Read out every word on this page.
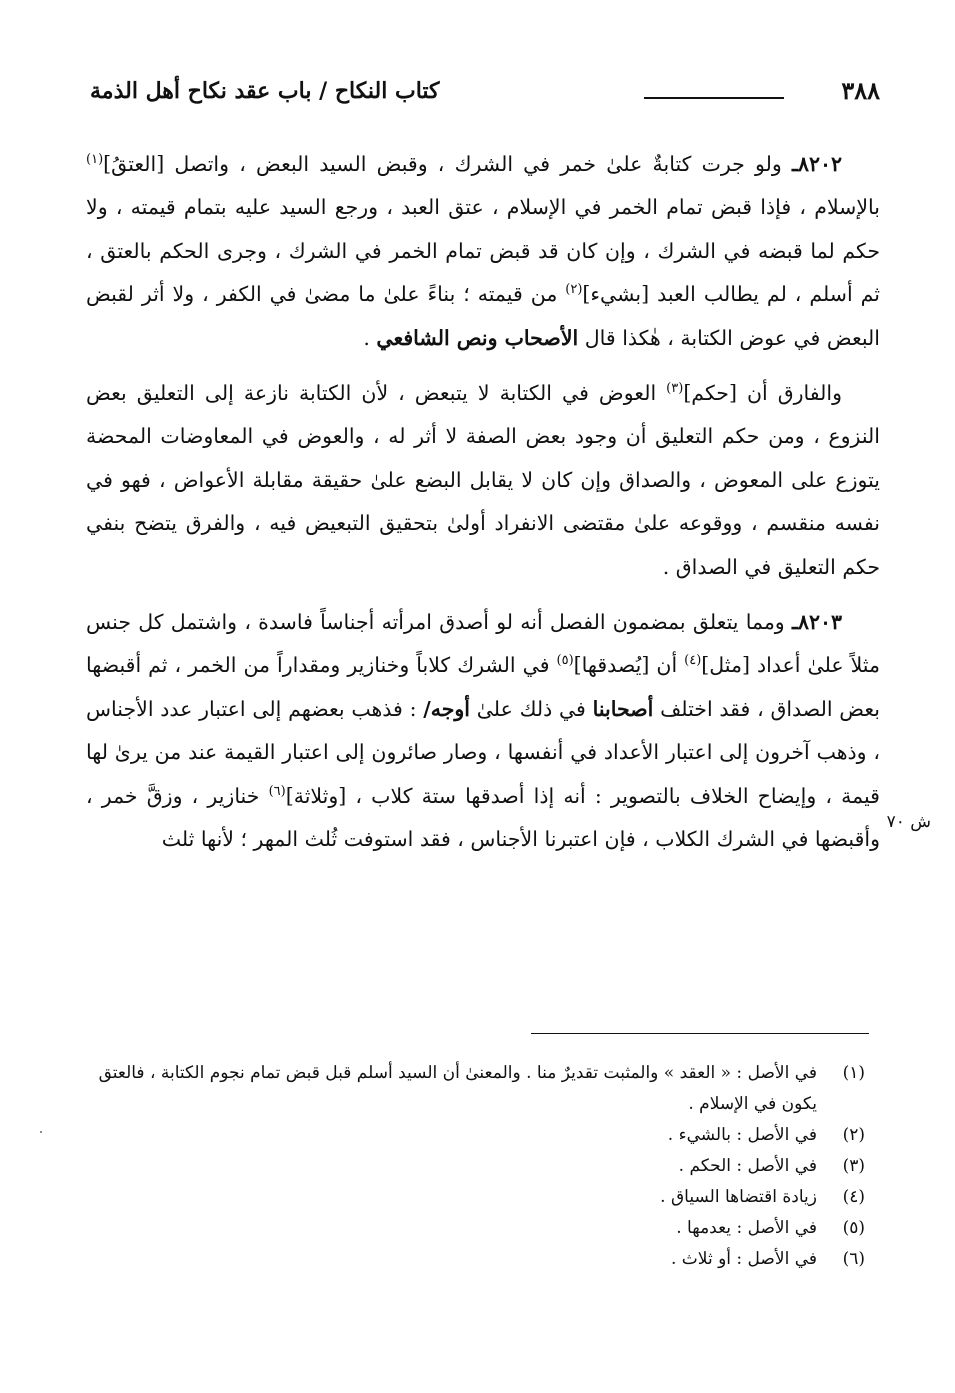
٣٨٨
كتاب النكاح / باب عقد نكاح أهل الذمة

٨٢٠٢ـ ولو جرت كتابةٌ علىٰ خمر في الشرك ، وقبض السيد البعض ، واتصل [العتقُ]$^{(١)}$ بالإسلام ، فإذا قبض تمام الخمر في الإسلام ، عتق العبد ، ورجع السيد عليه بتمام قيمته ، ولا حكم لما قبضه في الشرك ، وإن كان قد قبض تمام الخمر في الشرك ، وجرى الحكم بالعتق ، ثم أسلم ، لم يطالب العبد [بشيء]$^{(٢)}$ من قيمته ؛ بناءً علىٰ ما مضىٰ في الكفر ، ولا أثر لقبض البعض في عوض الكتابة ، هٰكذا قال الأصحاب ونص الشافعي .

والفارق أن [حكم]$^{(٣)}$ العوض في الكتابة لا يتبعض ، لأن الكتابة نازعة إلى التعليق بعض النزوع ، ومن حكم التعليق أن وجود بعض الصفة لا أثر له ، والعوض في المعاوضات المحضة يتوزع على المعوض ، والصداق وإن كان لا يقابل البضع علىٰ حقيقة مقابلة الأعواض ، فهو في نفسه منقسم ، ووقوعه علىٰ مقتضى الانفراد أولىٰ بتحقيق التبعيض فيه ، والفرق يتضح بنفي حكم التعليق في الصداق .

٨٢٠٣ـ ومما يتعلق بمضمون الفصل أنه لو أصدق امرأته أجناساً فاسدة ، واشتمل كل جنس مثلاً علىٰ أعداد [مثل]$^{(٤)}$ أن [يُصدقها]$^{(٥)}$ في الشرك كلاباً وخنازير ومقداراً من الخمر ، ثم أقبضها بعض الصداق ، فقد اختلف أصحابنا في ذلك علىٰ أوجه/ : فذهب بعضهم إلى اعتبار عدد الأجناس ، وذهب آخرون إلى اعتبار الأعداد في أنفسها ، وصار صائرون إلى اعتبار القيمة عند من يرىٰ لها قيمة ، وإيضاح الخلاف بالتصوير : أنه إذا أصدقها ستة كلاب ، [وثلاثة]$^{(٦)}$ خنازير ، وزقَّ خمر ، وأقبضها في الشرك الكلاب ، فإن اعتبرنا الأجناس ، فقد استوفت ثُلث المهر ؛ لأنها ثلث

ش ٧٠
(١)
في الأصل : « العقد » والمثبت تقديرٌ منا . والمعنىٰ أن السيد أسلم قبل قبض تمام نجوم الكتابة ، فالعتق يكون في الإسلام .
(٢)
في الأصل : بالشيء .
(٣)
في الأصل : الحكم .
(٤)
زيادة اقتضاها السياق .
(٥)
في الأصل : يعدمها .
(٦)
في الأصل : أو ثلاث .
